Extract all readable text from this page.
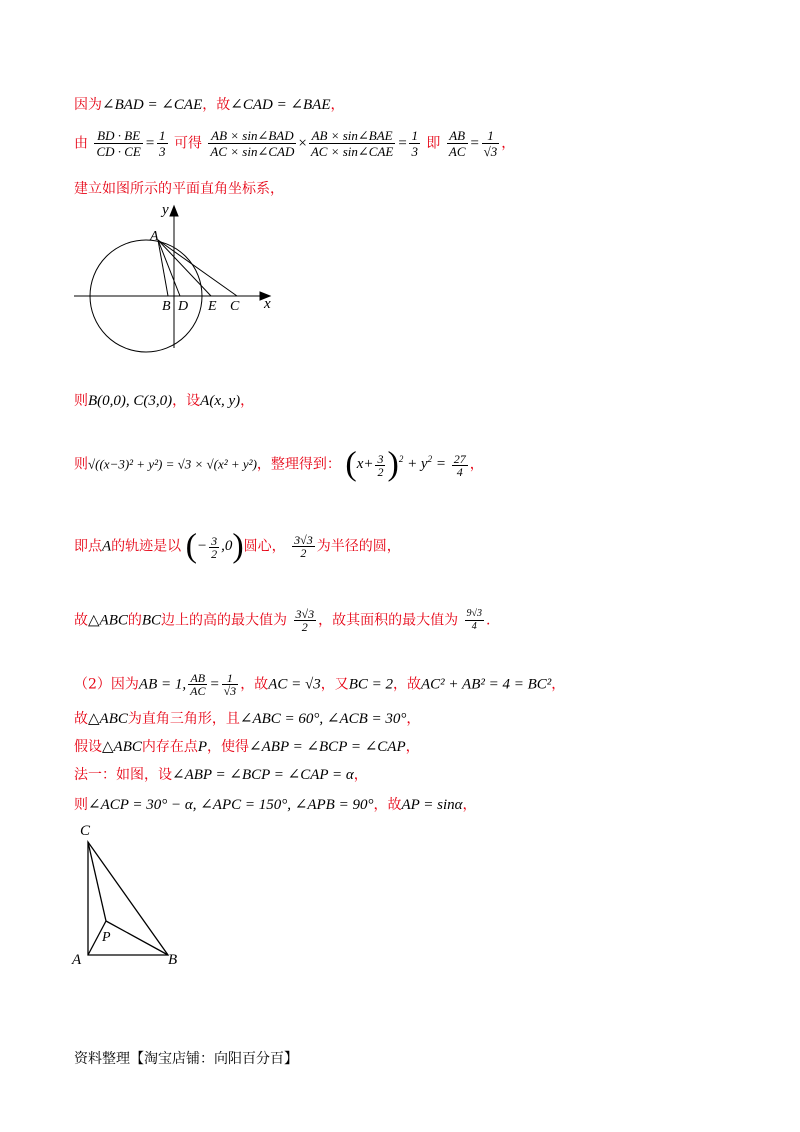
因为∠BAD = ∠CAE，故∠CAD = ∠BAE，
由 $\frac{BD \cdot BE}{CD \cdot CE} = \frac{1}{3}$ 可得 $\frac{\text{AB × sin∠BAD}}{\text{AC × sin∠CAD}} \times \frac{\text{AB × sin∠BAE}}{\text{AC × sin∠CAE}} = \frac{1}{3}$ 即 $\frac{AB}{AC} = \frac{1}{√3}$ ，
建立如图所示的平面直角坐标系，
y
x
A
B D E C
则B(0,0), C(3,0)，设A(x, y)，
则√((x−3)² + y²) = √3 × √(x² + y²)，整理得到： $(x+ \frac{3}{2} )^2 + y^2 = \frac{27}{4}$ ，
即点A的轨迹是以 (− $\frac{3}{2} ,0$)圆心， $\frac{3√3}{2}$ 为半径的圆，
故△ABC的BC边上的高的最大值为 $\frac{3√3}{2}$ ，故其面积的最大值为 $\frac{9√3}{4}$ .
（2）因为AB = 1, $\frac{AB}{AC} = \frac{1}{√3}$ ，故AC = √3，又BC = 2，故AC² + AB² = 4 = BC²，
故△ABC为直角三角形，且∠ABC = 60°, ∠ACB = 30°，
假设△ABC内存在点P，使得∠ABP = ∠BCP = ∠CAP，
法一：如图，设∠ABP = ∠BCP = ∠CAP = α，
则∠ACP = 30° − α, ∠APC = 150°, ∠APB = 90°，故AP = sinα，
C
P
A	B
资料整理【淘宝店铺：向阳百分百】
